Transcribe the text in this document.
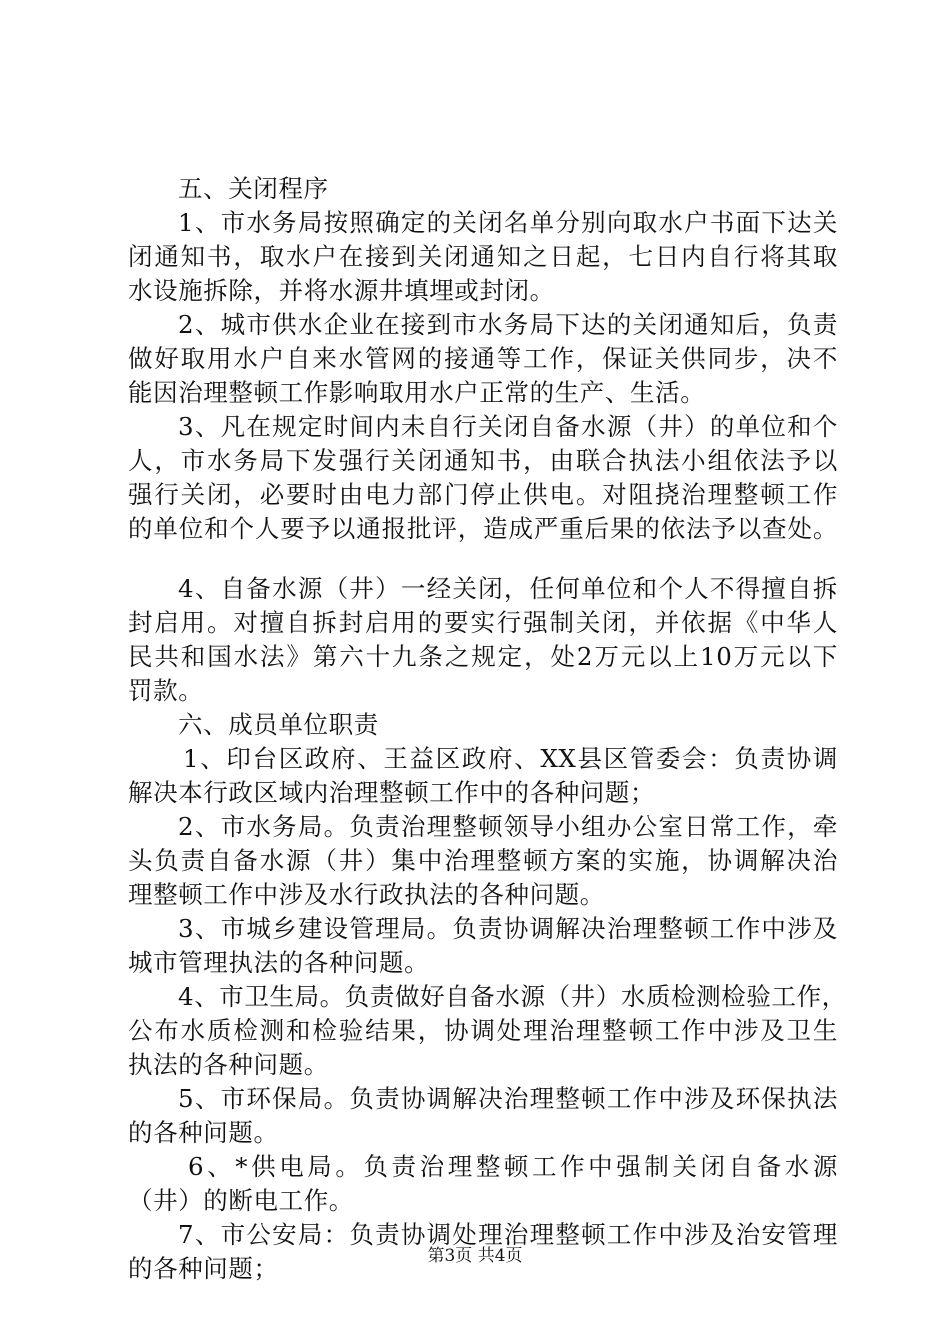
五、关闭程序
1、市水务局按照确定的关闭名单分别向取水户书面下达关
闭通知书，取水户在接到关闭通知之日起，七日内自行将其取
水设施拆除，并将水源井填埋或封闭。
2、城市供水企业在接到市水务局下达的关闭通知后，负责
做好取用水户自来水管网的接通等工作，保证关供同步，决不
能因治理整顿工作影响取用水户正常的生产、生活。
3、凡在规定时间内未自行关闭自备水源（井）的单位和个
人，市水务局下发强行关闭通知书，由联合执法小组依法予以
强行关闭，必要时由电力部门停止供电。对阻挠治理整顿工作
的单位和个人要予以通报批评，造成严重后果的依法予以查处。
4、自备水源（井）一经关闭，任何单位和个人不得擅自拆
封启用。对擅自拆封启用的要实行强制关闭，并依据《中华人
民共和国水法》第六十九条之规定，处2万元以上10万元以下
罚款。
六、成员单位职责
1、印台区政府、王益区政府、XX县区管委会：负责协调
解决本行政区域内治理整顿工作中的各种问题；
2、市水务局。负责治理整顿领导小组办公室日常工作，牵
头负责自备水源（井）集中治理整顿方案的实施，协调解决治
理整顿工作中涉及水行政执法的各种问题。
3、市城乡建设管理局。负责协调解决治理整顿工作中涉及
城市管理执法的各种问题。
4、市卫生局。负责做好自备水源（井）水质检测检验工作，
公布水质检测和检验结果，协调处理治理整顿工作中涉及卫生
执法的各种问题。
5、市环保局。负责协调解决治理整顿工作中涉及环保执法
的各种问题。
6、*供电局。负责治理整顿工作中强制关闭自备水源
（井）的断电工作。
7、市公安局：负责协调处理治理整顿工作中涉及治安管理
的各种问题；	第3页 共4页
